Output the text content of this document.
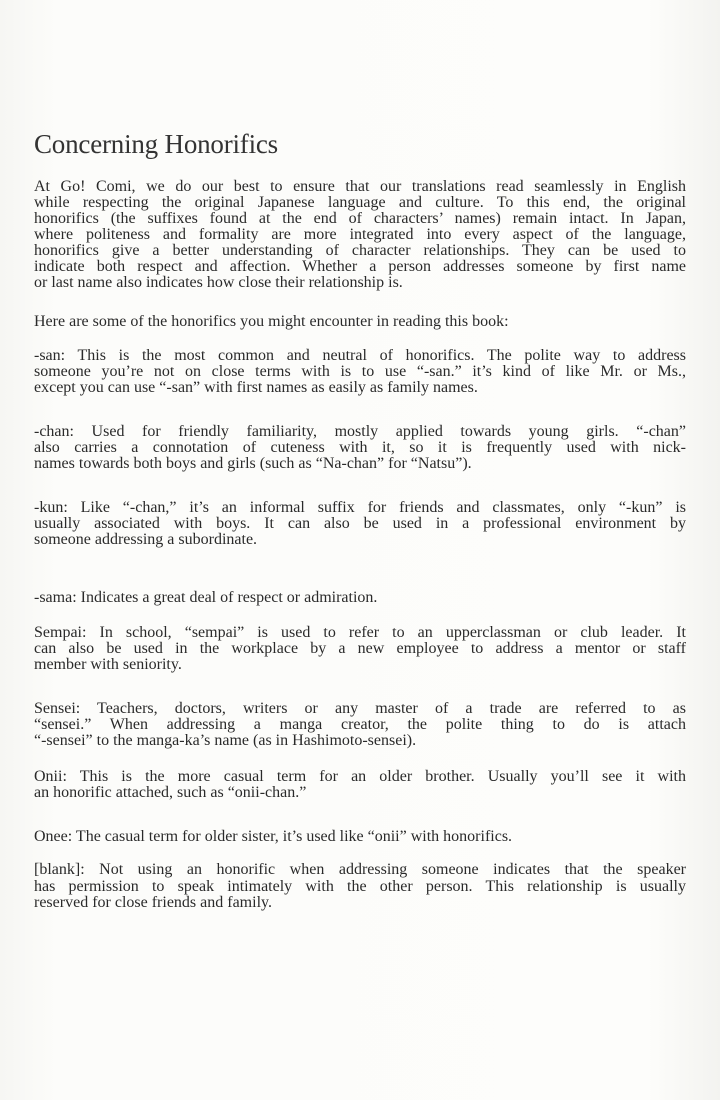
Concerning Honorifics
At Go! Comi, we do our best to ensure that our translations read seamlessly in English
while respecting the original Japanese language and culture. To this end, the original
honorifics (the suffixes found at the end of characters’ names) remain intact. In Japan,
where politeness and formality are more integrated into every aspect of the language,
honorifics give a better understanding of character relationships. They can be used to
indicate both respect and affection. Whether a person addresses someone by first name
or last name also indicates how close their relationship is.
Here are some of the honorifics you might encounter in reading this book:
-san: This is the most common and neutral of honorifics. The polite way to address
someone you’re not on close terms with is to use “-san.” it’s kind of like Mr. or Ms.,
except you can use “-san” with first names as easily as family names.
-chan: Used for friendly familiarity, mostly applied towards young girls. “-chan”
also carries a connotation of cuteness with it, so it is frequently used with nick-
names towards both boys and girls (such as “Na-chan” for “Natsu”).
-kun: Like “-chan,” it’s an informal suffix for friends and classmates, only “-kun” is
usually associated with boys. It can also be used in a professional environment by
someone addressing a subordinate.
-sama: Indicates a great deal of respect or admiration.
Sempai: In school, “sempai” is used to refer to an upperclassman or club leader. It
can also be used in the workplace by a new employee to address a mentor or staff
member with seniority.
Sensei: Teachers, doctors, writers or any master of a trade are referred to as
“sensei.” When addressing a manga creator, the polite thing to do is attach
“-sensei” to the manga-ka’s name (as in Hashimoto-sensei).
Onii: This is the more casual term for an older brother. Usually you’ll see it with
an honorific attached, such as “onii-chan.”
Onee: The casual term for older sister, it’s used like “onii” with honorifics.
[blank]: Not using an honorific when addressing someone indicates that the speaker
has permission to speak intimately with the other person. This relationship is usually
reserved for close friends and family.
